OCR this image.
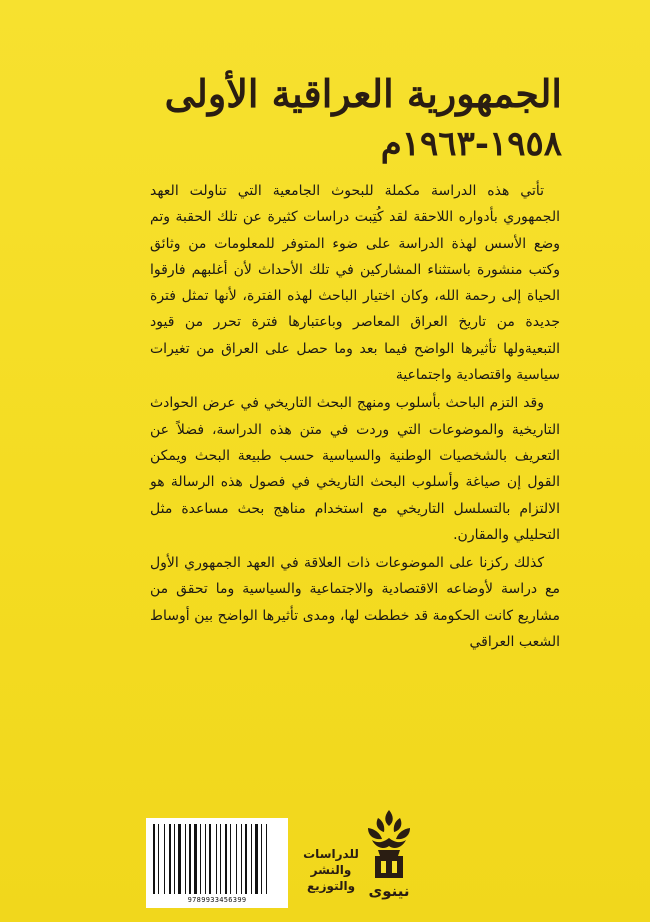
الجمهورية العراقية الأولى
١٩٥٨-١٩٦٣م

تأتي هذه الدراسة مكملة للبحوث الجامعية التي تناولت العهد الجمهوري بأدواره اللاحقة لقد كُتِبت دراسات كثيرة عن تلك الحقبة وتم وضع الأسس لهذة الدراسة على ضوء المتوفر للمعلومات من وثائق وكتب منشورة باستثناء المشاركين في تلك الأحداث لأن أغلبهم فارقوا الحياة إلى رحمة الله، وكان اختيار الباحث لهذه الفترة، لأنها تمثل فترة جديدة من تاريخ العراق المعاصر وباعتبارها فترة تحرر من قيود التبعيةولها تأثيرها الواضح فيما بعد وما حصل على العراق من تغيرات سياسية واقتصادية واجتماعية

وقد التزم الباحث بأسلوب ومنهج البحث التاريخي في عرض الحوادث التاريخية والموضوعات التي وردت في متن هذه الدراسة، فضلاً عن التعريف بالشخصيات الوطنية والسياسية حسب طبيعة البحث ويمكن القول إن صياغة وأسلوب البحث التاريخي في فصول هذه الرسالة هو الالتزام بالتسلسل التاريخي مع استخدام مناهج بحث مساعدة مثل التحليلي والمقارن.

كذلك ركزنا على الموضوعات ذات العلاقة في العهد الجمهوري الأول مع دراسة لأوضاعه الاقتصادية والاجتماعية والسياسية وما تحقق من مشاريع كانت الحكومة قد خططت لها، ومدى تأثيرها الواضح بين أوساط الشعب العراقي

9789933456399
للدراسات
والنشر
والتوزيع نينوى
